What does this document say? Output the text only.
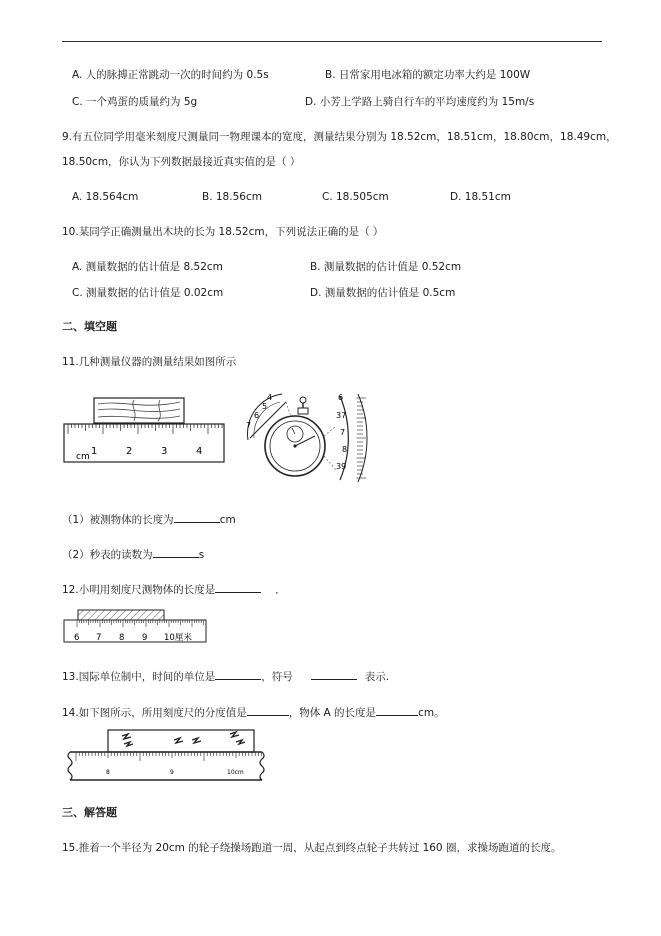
A. 人的脉搏正常跳动一次的时间约为 0.5s	B. 日常家用电冰箱的额定功率大约是 100W
C. 一个鸡蛋的质量约为 5g	D. 小芳上学路上骑自行车的平均速度约为 15m/s
9.有五位同学用毫米刻度尺测量同一物理课本的宽度，测量结果分别为 18.52cm，18.51cm，18.80cm，18.49cm，
18.50cm，你认为下列数据最接近真实值的是（ ）
A. 18.564cm	B. 18.56cm	C. 18.505cm	D. 18.51cm
10.某同学正确测量出木块的长为 18.52cm，下列说法正确的是（ ）
A. 测量数据的估计值是 8.52cm	B. 测量数据的估计值是 0.52cm
C. 测量数据的估计值是 0.02cm	D. 测量数据的估计值是 0.5cm
二、填空题
11.几种测量仪器的测量结果如图所示
cm 1	2	3	4
4
5
6
7
6
37
7
8
39
（1）被测物体的长度为	cm
（2）秒表的读数为	s
12.小明用刻度尺测物体的长度是	．
6 7 8 9 10厘米
13.国际单位制中，时间的单位是	，符号	表示.
14.如下图所示，所用刻度尺的分度值是	，物体 A 的长度是	cm。
8	9	10cm
三、解答题
15.推着一个半径为 20cm 的轮子绕操场跑道一周，从起点到终点轮子共转过 160 圈，求操场跑道的长度。
